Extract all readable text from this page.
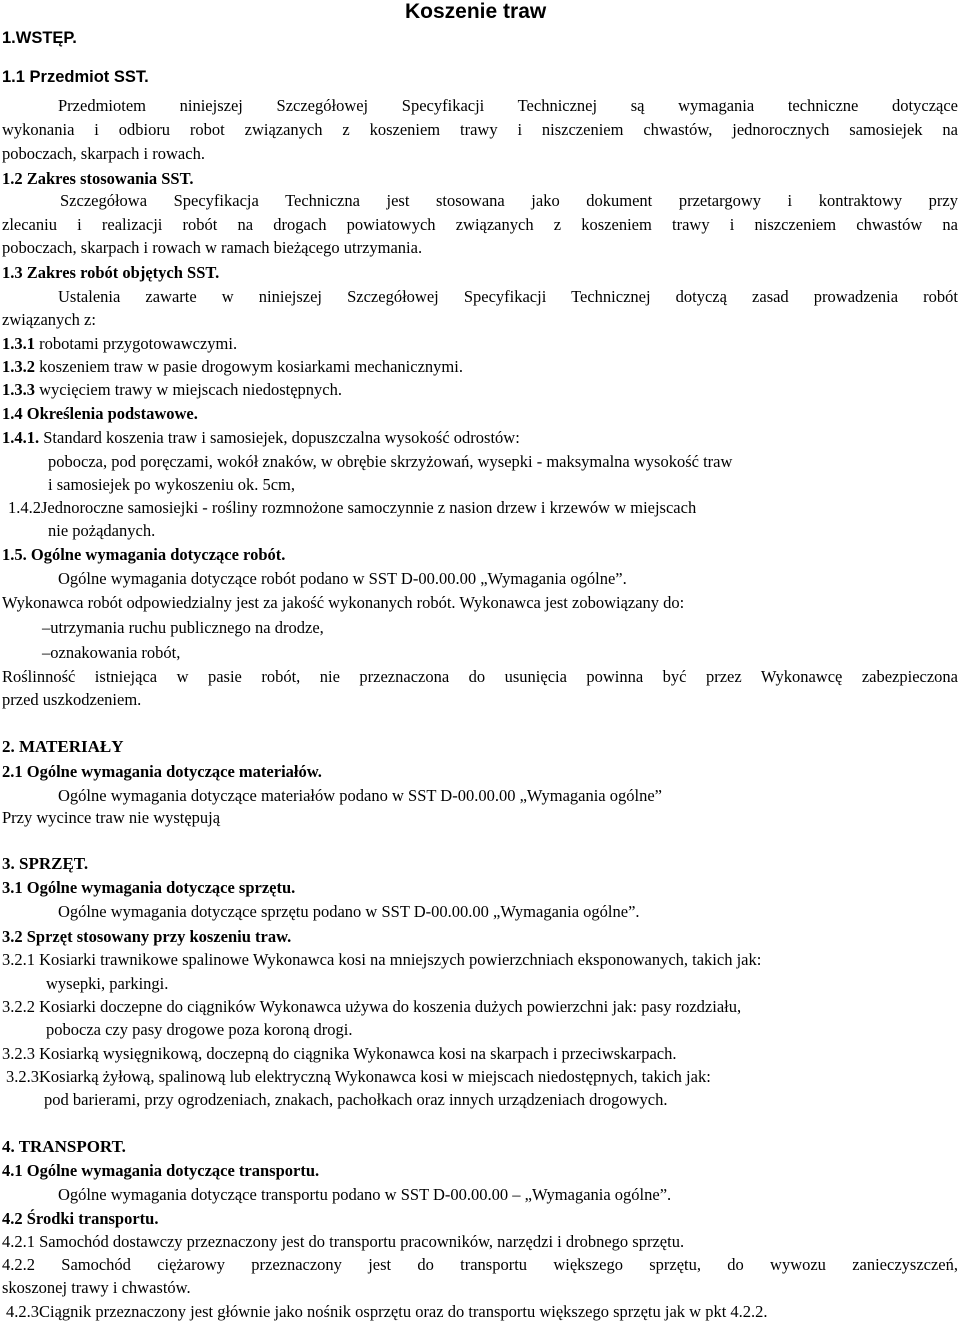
1.WSTĘP.
Koszenie traw
1.1 Przedmiot SST.
Przedmiotem niniejszej Szczegółowej Specyfikacji Technicznej są wymagania techniczne dotyczące
wykonania i odbioru robot związanych z koszeniem trawy i niszczeniem chwastów, jednorocznych samosiejek na
poboczach, skarpach i rowach.
1.2 Zakres stosowania SST.
Szczegółowa Specyfikacja Techniczna jest stosowana jako dokument przetargowy i kontraktowy przy
zlecaniu i realizacji robót na drogach powiatowych związanych z koszeniem trawy i niszczeniem chwastów na
poboczach, skarpach i rowach w ramach bieżącego utrzymania.
1.3 Zakres robót objętych SST.
Ustalenia zawarte w niniejszej Szczegółowej Specyfikacji Technicznej dotyczą zasad prowadzenia robót
związanych z:
1.3.1 robotami przygotowawczymi.
1.3.2 koszeniem traw w pasie drogowym kosiarkami mechanicznymi.
1.3.3 wycięciem trawy w miejscach niedostępnych.
1.4 Określenia podstawowe.
1.4.1. Standard koszenia traw i samosiejek, dopuszczalna wysokość odrostów:
pobocza, pod poręczami, wokół znaków, w obrębie skrzyżowań, wysepki - maksymalna wysokość traw
i samosiejek po wykoszeniu ok. 5cm,
1.4.2Jednoroczne samosiejki - rośliny rozmnożone samoczynnie z nasion drzew i krzewów w miejscach
nie pożądanych.
1.5. Ogólne wymagania dotyczące robót.
Ogólne wymagania dotyczące robót podano w SST D-00.00.00 „Wymagania ogólne”.
Wykonawca robót odpowiedzialny jest za jakość wykonanych robót. Wykonawca jest zobowiązany do:
–utrzymania ruchu publicznego na drodze,
–oznakowania robót,
Roślinność istniejąca w pasie robót, nie przeznaczona do usunięcia powinna być przez Wykonawcę zabezpieczona
przed uszkodzeniem.
2. MATERIAŁY
2.1 Ogólne wymagania dotyczące materiałów.
Ogólne wymagania dotyczące materiałów podano w SST D-00.00.00 „Wymagania ogólne”
Przy wycince traw nie występują
3. SPRZĘT.
3.1 Ogólne wymagania dotyczące sprzętu.
Ogólne wymagania dotyczące sprzętu podano w SST D-00.00.00 „Wymagania ogólne”.
3.2 Sprzęt stosowany przy koszeniu traw.
3.2.1 Kosiarki trawnikowe spalinowe Wykonawca kosi na mniejszych powierzchniach eksponowanych, takich jak:
wysepki, parkingi.
3.2.2 Kosiarki doczepne do ciągników Wykonawca używa do koszenia dużych powierzchni jak: pasy rozdziału,
pobocza czy pasy drogowe poza koroną drogi.
3.2.3 Kosiarką wysięgnikową, doczepną do ciągnika Wykonawca kosi na skarpach i przeciwskarpach.
3.2.3Kosiarką żyłową, spalinową lub elektryczną Wykonawca kosi w miejscach niedostępnych, takich jak:
pod barierami, przy ogrodzeniach, znakach, pachołkach oraz innych urządzeniach drogowych.
4. TRANSPORT.
4.1 Ogólne wymagania dotyczące transportu.
Ogólne wymagania dotyczące transportu podano w SST D-00.00.00 – „Wymagania ogólne”.
4.2 Środki transportu.
4.2.1 Samochód dostawczy przeznaczony jest do transportu pracowników, narzędzi i drobnego sprzętu.
4.2.2 Samochód ciężarowy przeznaczony jest do transportu większego sprzętu, do wywozu zanieczyszczeń,
skoszonej trawy i chwastów.
4.2.3Ciągnik przeznaczony jest głównie jako nośnik osprzętu oraz do transportu większego sprzętu jak w pkt 4.2.2.
